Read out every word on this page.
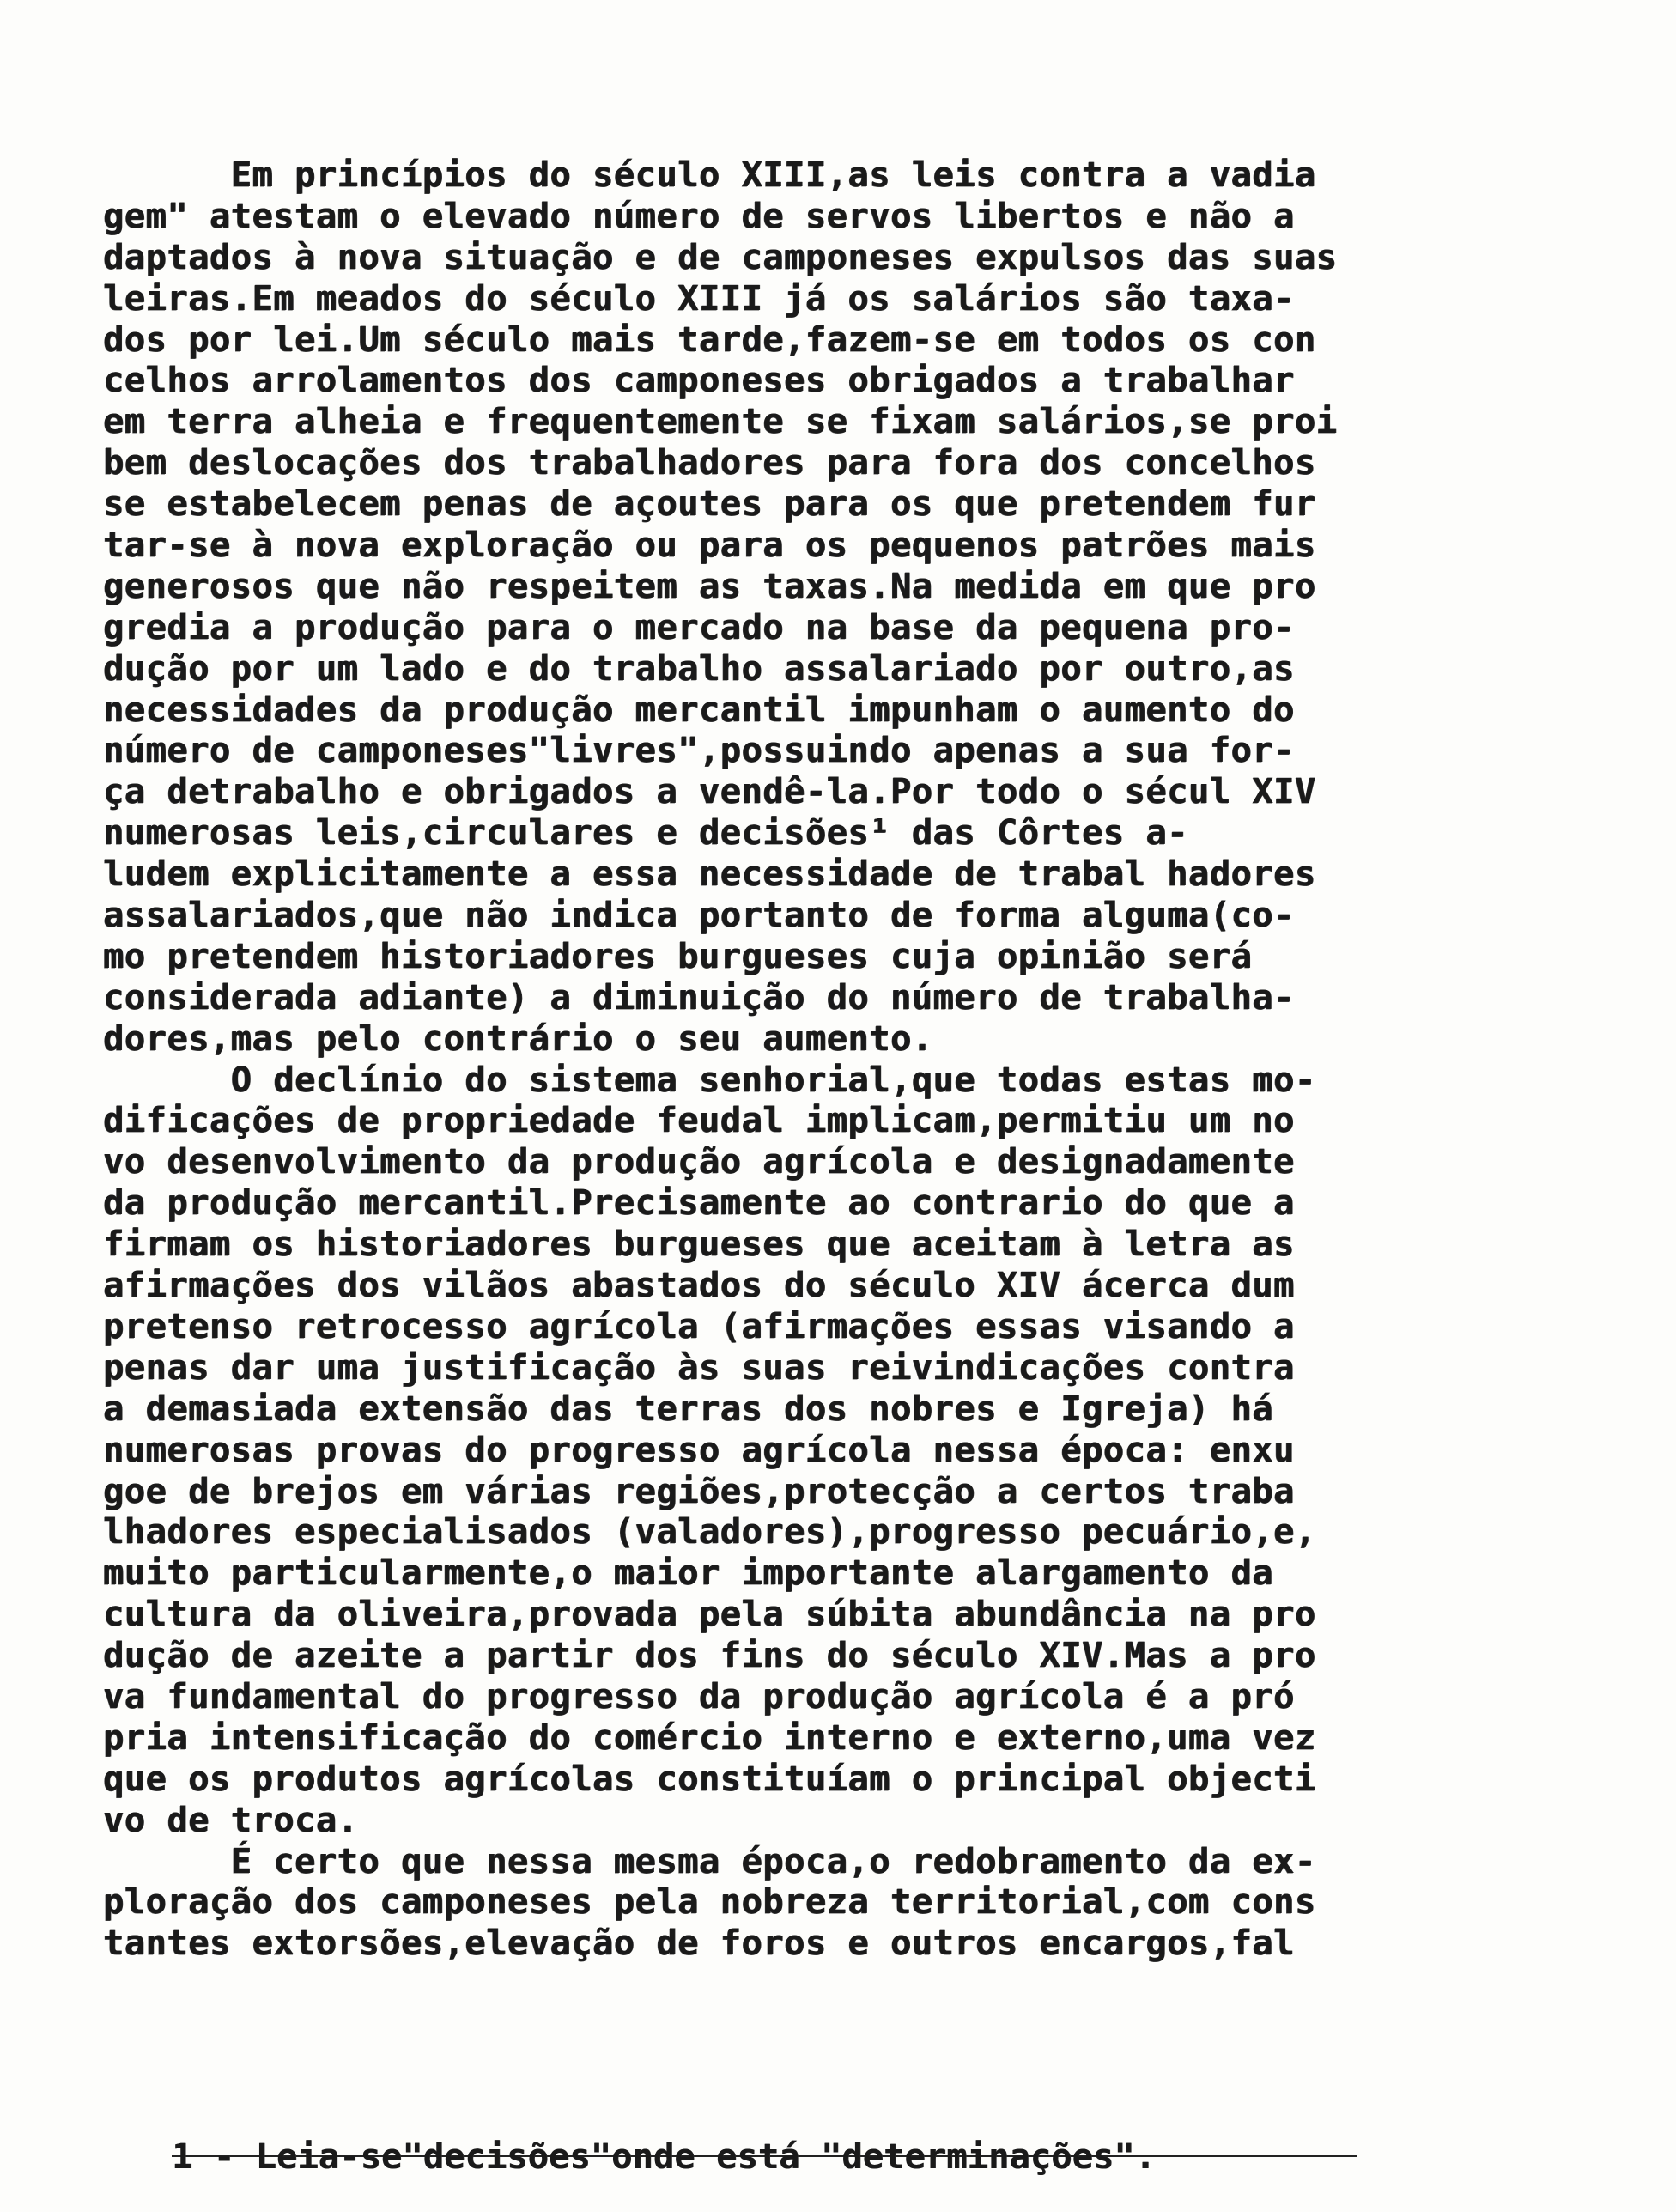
Em princípios do século XIII,as leis contra a vadia
gem" atestam o elevado número de servos libertos e não a
daptados à nova situação e de camponeses expulsos das suas
leiras.Em meados do século XIII já os salários são taxa-
dos por lei.Um século mais tarde,fazem-se em todos os con
celhos arrolamentos dos camponeses obrigados a trabalhar
em terra alheia e frequentemente se fixam salários,se proi
bem deslocações dos trabalhadores para fora dos concelhos
se estabelecem penas de açoutes para os que pretendem fur
tar-se à nova exploração ou para os pequenos patrões mais
generosos que não respeitem as taxas.Na medida em que pro
gredia a produção para o mercado na base da pequena pro-
dução por um lado e do trabalho assalariado por outro,as
necessidades da produção mercantil impunham o aumento do
número de camponeses"livres",possuindo apenas a sua for-
ça detrabalho e obrigados a vendê-la.Por todo o sécul XIV
numerosas leis,circulares e decisões¹ das Côrtes a-
ludem explicitamente a essa necessidade de trabal hadores
assalariados,que não indica portanto de forma alguma(co-
mo pretendem historiadores burgueses cuja opinião será
considerada adiante) a diminuição do número de trabalha-
dores,mas pelo contrário o seu aumento.
O declínio do sistema senhorial,que todas estas mo-
dificações de propriedade feudal implicam,permitiu um no
vo desenvolvimento da produção agrícola e designadamente
da produção mercantil.Precisamente ao contrario do que a
firmam os historiadores burgueses que aceitam à letra as
afirmações dos vilãos abastados do século XIV ácerca dum
pretenso retrocesso agrícola (afirmações essas visando a
penas dar uma justificação às suas reivindicações contra
a demasiada extensão das terras dos nobres e Igreja) há
numerosas provas do progresso agrícola nessa época: enxu
goe de brejos em várias regiões,protecção a certos traba
lhadores especialisados (valadores),progresso pecuário,e,
muito particularmente,o maior importante alargamento da
cultura da oliveira,provada pela súbita abundância na pro
dução de azeite a partir dos fins do século XIV.Mas a pro
va fundamental do progresso da produção agrícola é a pró
pria intensificação do comércio interno e externo,uma vez
que os produtos agrícolas constituíam o principal objecti
vo de troca.
É certo que nessa mesma época,o redobramento da ex-
ploração dos camponeses pela nobreza territorial,com cons
tantes extorsões,elevação de foros e outros encargos,fal
1 - Leia-se"decisões"onde está "determinações".
